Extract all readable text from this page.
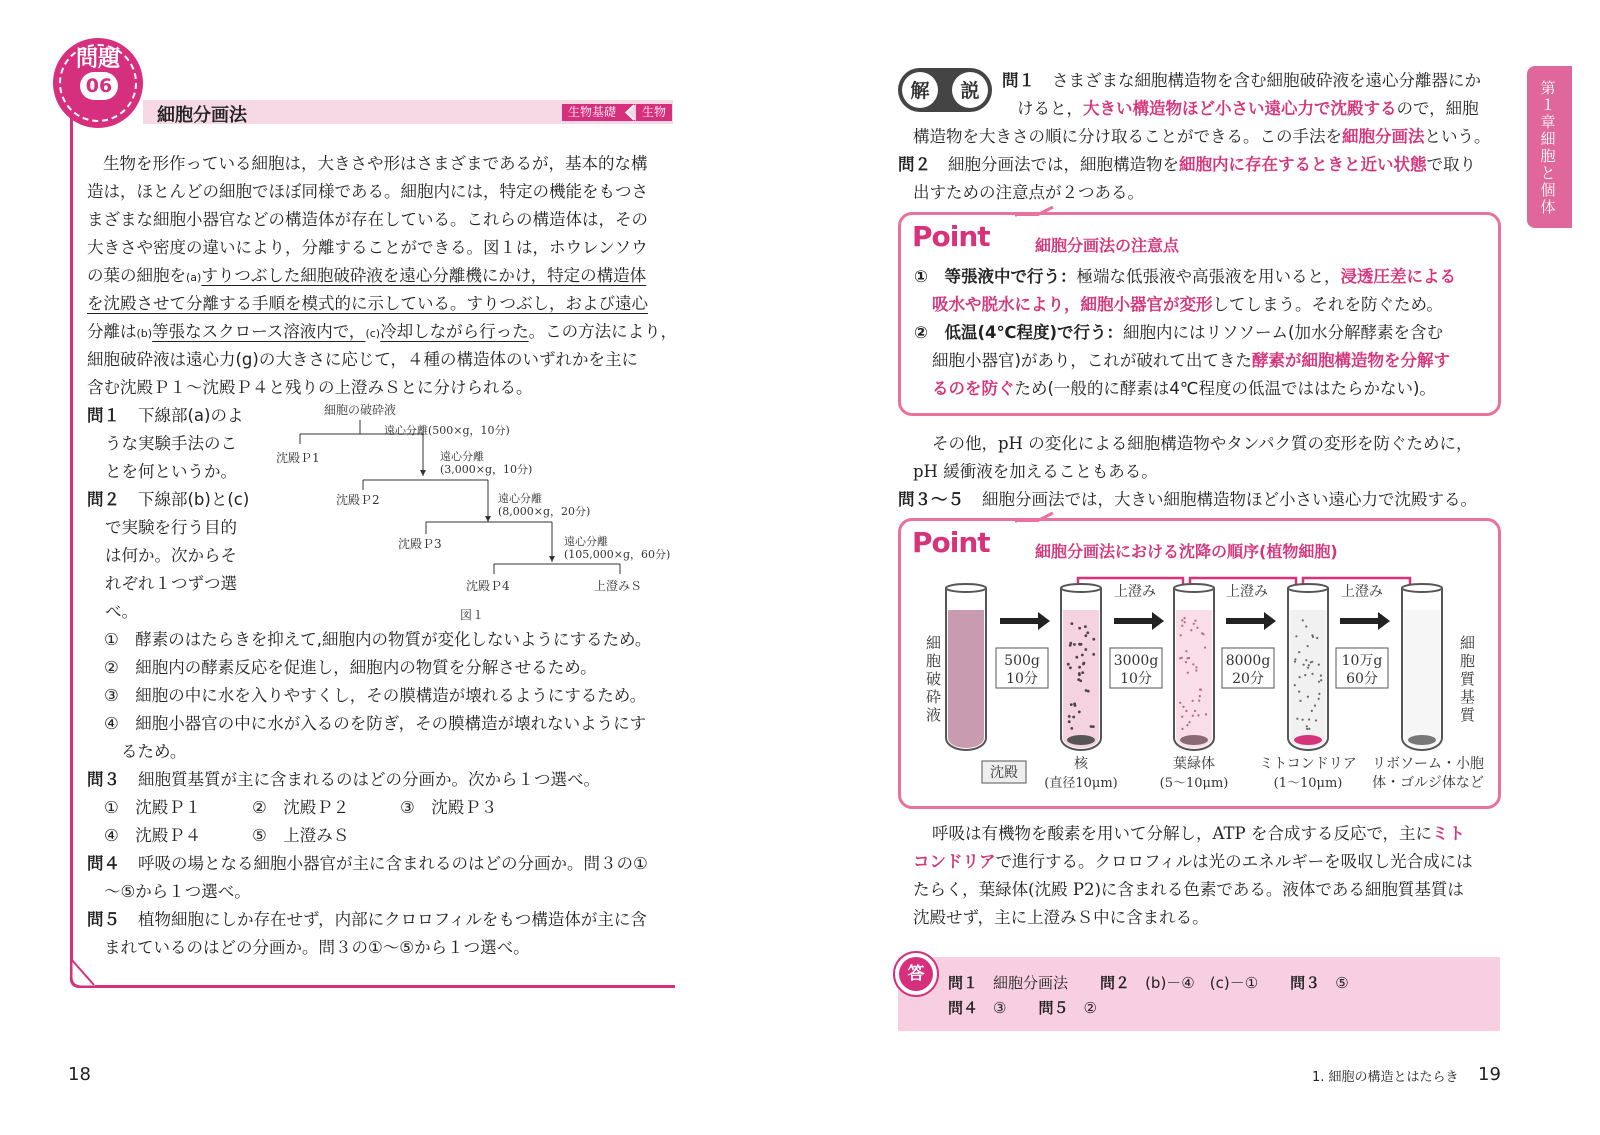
問題
06
細胞分画法	生物基礎	生物
生物を形作っている細胞は，大きさや形はさまざまであるが，基本的な構
造は，ほとんどの細胞でほぼ同様である。細胞内には，特定の機能をもつさ
まざまな細胞小器官などの構造体が存在している。これらの構造体は，その
大きさや密度の違いにより，分離することができる。図１は，ホウレンソウ
の葉の細胞を(a)すりつぶした細胞破砕液を遠心分離機にかけ，特定の構造体
を沈殿させて分離する手順を模式的に示している。すりつぶし，および遠心
分離は(b)等張なスクロース溶液内で，(c)冷却しながら行った。この方法により，
細胞破砕液は遠心力(g)の大きさに応じて，４種の構造体のいずれかを主に
含む沈殿Ｐ１〜沈殿Ｐ４と残りの上澄みＳとに分けられる。
問１ 下線部(a)のよ
うな実験手法のこ
とを何というか。
問２ 下線部(b)と(c)
で実験を行う目的
は何か。次からそ
れぞれ１つずつ選
べ。
細胞の破砕液
遠心分離(500×g，10分)
沈殿Ｐ1	遠心分離
(3,000×g，10分)
沈殿Ｐ2	遠心分離
(8,000×g，20分)
沈殿Ｐ3	遠心分離
(105,000×g，60分)
沈殿Ｐ4	上澄みＳ
図１
①　 酵素のはたらきを抑えて,細胞内の物質が変化しないようにするため。
②　 細胞内の酵素反応を促進し，細胞内の物質を分解させるため。
③　 細胞の中に水を入りやすくし，その膜構造が壊れるようにするため。
④　 細胞小器官の中に水が入るのを防ぎ，その膜構造が壊れないようにす
るため。
問３ 細胞質基質が主に含まれるのはどの分画か。次から１つ選べ。
①　 沈殿Ｐ１	②　 沈殿Ｐ２	③　 沈殿Ｐ３
④　 沈殿Ｐ４	⑤　 上澄みＳ
問４ 呼吸の場となる細胞小器官が主に含まれるのはどの分画か。問３の①
〜⑤から１つ選べ。
問５ 植物細胞にしか存在せず，内部にクロロフィルをもつ構造体が主に含
まれているのはどの分画か。問３の①〜⑤から１つ選べ。
18
解 説 問１ さまざまな細胞構造物を含む細胞破砕液を遠心分離器にか
けると，大きい構造物ほど小さい遠心力で沈殿するので，細胞
構造物を大きさの順に分け取ることができる。この手法を細胞分画法という。
問２ 細胞分画法では，細胞構造物を細胞内に存在するときと近い状態で取り
出すための注意点が２つある。
Point	細胞分画法の注意点
①　 等張液中で行う：極端な低張液や高張液を用いると，浸透圧差による
吸水や脱水により，細胞小器官が変形してしまう。それを防ぐため。
②　 低温(4℃程度)で行う：細胞内にはリソソーム(加水分解酵素を含む
細胞小器官)があり，これが破れて出てきた酵素が細胞構造物を分解す
るのを防ぐため(一般的に酵素は4℃程度の低温でははたらかない)。
その他，pH の変化による細胞構造物やタンパク質の変形を防ぐために，
pH 緩衝液を加えることもある。
問３〜５ 細胞分画法では，大きい細胞構造物ほど小さい遠心力で沈殿する。
Point	細胞分画法における沈降の順序(植物細胞)
上澄み	上澄み	上澄み
500g
10分
3000g
10分
8000g
20分
10万g
60分
細胞破砕液
細胞質基質
沈殿
核
(直径10μm)
葉緑体
(5〜10μm)
ミトコンドリア
(1〜10μm)
リボソーム・小胞
体・ゴルジ体など
呼吸は有機物を酸素を用いて分解し，ATP を合成する反応で，主にミト
コンドリアで進行する。クロロフィルは光のエネルギーを吸収し光合成には
たらく，葉緑体(沈殿 P2)に含まれる色素である。液体である細胞質基質は
沈殿せず，主に上澄みＳ中に含まれる。
答	問１　 細胞分画法 問２　 (b)－④　(c)－① 問３　 ⑤
問４　 ③ 問５　 ②
第１章 細胞と個体
1. 細胞の構造とはたらき 19
